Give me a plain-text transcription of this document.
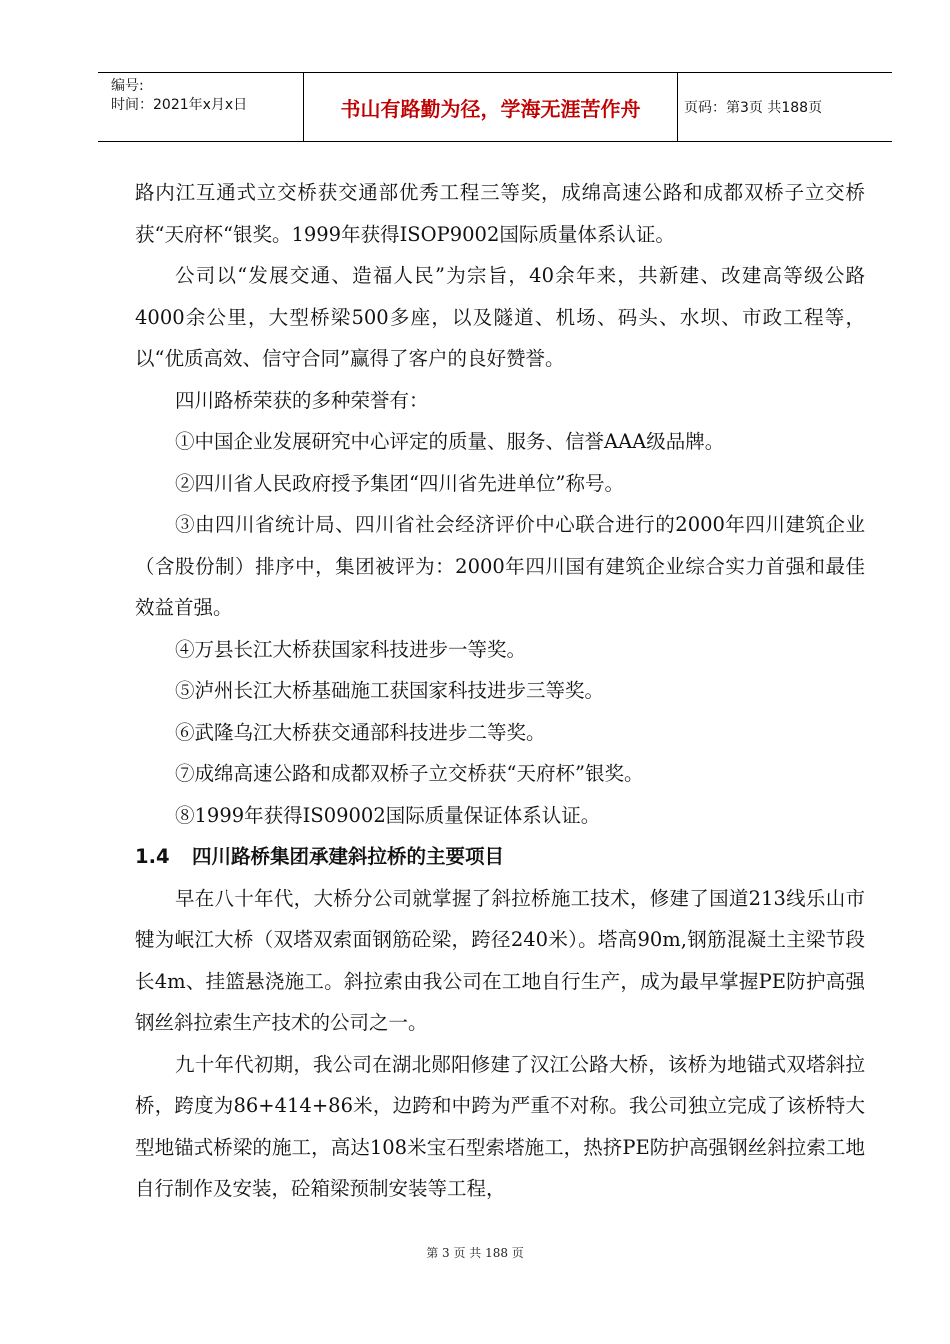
编号:
时间：2021年x月x日	书山有路勤为径，学海无涯苦作舟	页码：第3页 共188页

路内江互通式立交桥获交通部优秀工程三等奖，成绵高速公路和成都双桥子立交桥获“天府杯“银奖。1999年获得ISOP9002国际质量体系认证。

公司以“发展交通、造福人民”为宗旨，40余年来，共新建、改建高等级公路4000余公里，大型桥梁500多座，以及隧道、机场、码头、水坝、市政工程等，以“优质高效、信守合同”赢得了客户的良好赞誉。

四川路桥荣获的多种荣誉有：

①中国企业发展研究中心评定的质量、服务、信誉AAA级品牌。

②四川省人民政府授予集团“四川省先进单位”称号。

③由四川省统计局、四川省社会经济评价中心联合进行的2000年四川建筑企业（含股份制）排序中，集团被评为：2000年四川国有建筑企业综合实力首强和最佳效益首强。

④万县长江大桥获国家科技进步一等奖。

⑤泸州长江大桥基础施工获国家科技进步三等奖。

⑥武隆乌江大桥获交通部科技进步二等奖。

⑦成绵高速公路和成都双桥子立交桥获“天府杯”银奖。

⑧1999年获得IS09002国际质量保证体系认证。

1.4 四川路桥集团承建斜拉桥的主要项目

早在八十年代，大桥分公司就掌握了斜拉桥施工技术，修建了国道213线乐山市犍为岷江大桥（双塔双索面钢筋砼梁，跨径240米）。塔高90m,钢筋混凝土主梁节段长4m、挂篮悬浇施工。斜拉索由我公司在工地自行生产，成为最早掌握PE防护高强钢丝斜拉索生产技术的公司之一。

九十年代初期，我公司在湖北郧阳修建了汉江公路大桥，该桥为地锚式双塔斜拉桥，跨度为86+414+86米，边跨和中跨为严重不对称。我公司独立完成了该桥特大型地锚式桥梁的施工，高达108米宝石型索塔施工，热挤PE防护高强钢丝斜拉索工地自行制作及安装，砼箱梁预制安装等工程，

第 3 页 共 188 页
